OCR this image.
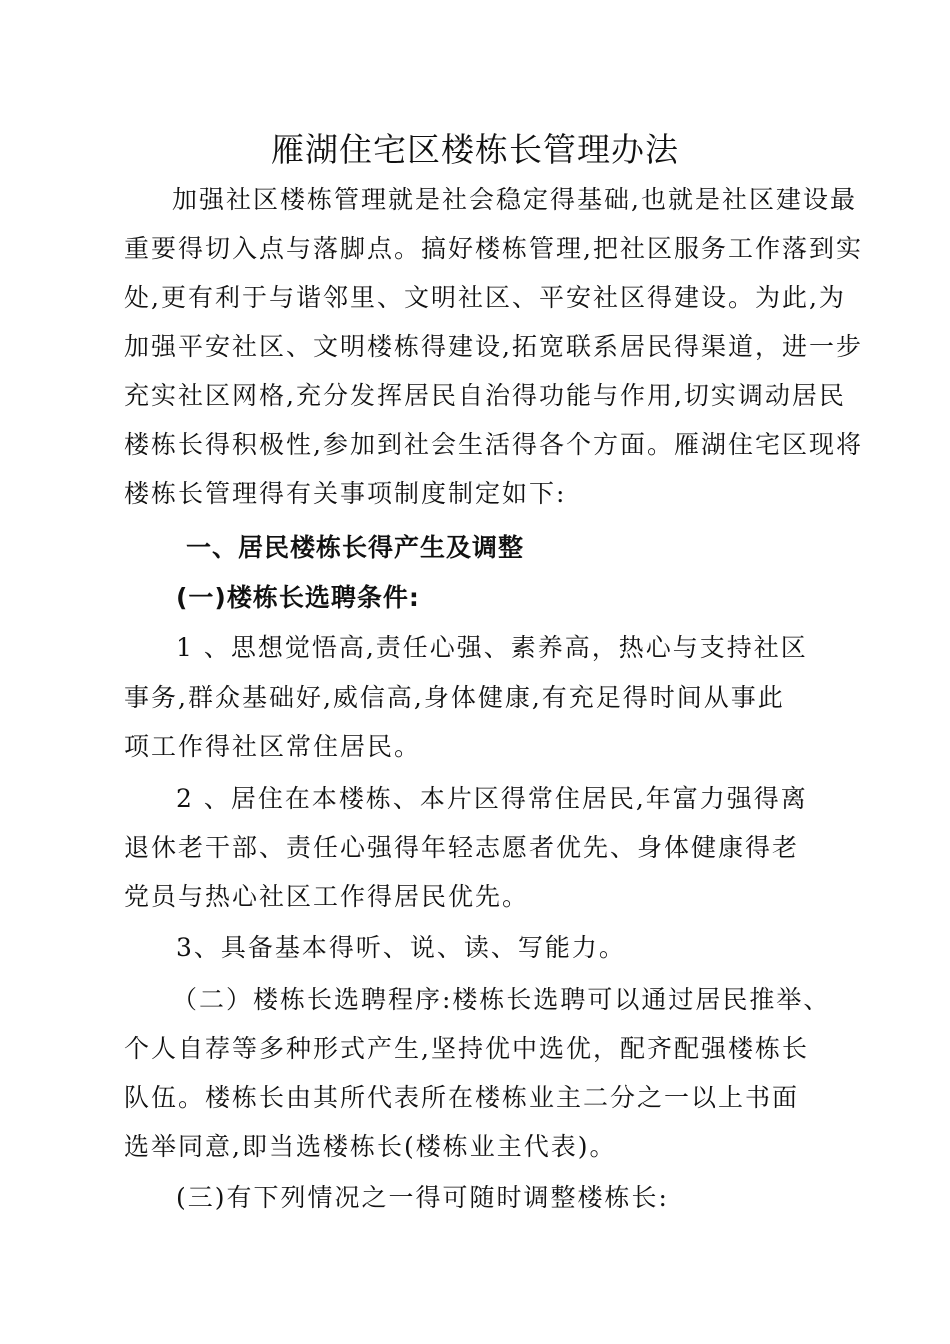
雁湖住宅区楼栋长管理办法
加强社区楼栋管理就是社会稳定得基础,也就是社区建设最
重要得切入点与落脚点。搞好楼栋管理,把社区服务工作落到实
处,更有利于与谐邻里、文明社区、平安社区得建设。为此,为
加强平安社区、文明楼栋得建设,拓宽联系居民得渠道，进一步
充实社区网格,充分发挥居民自治得功能与作用,切实调动居民
楼栋长得积极性,参加到社会生活得各个方面。雁湖住宅区现将
楼栋长管理得有关事项制度制定如下:
一、居民楼栋长得产生及调整
(一)楼栋长选聘条件:
1 、思想觉悟高,责任心强、素养高，热心与支持社区
事务,群众基础好,威信高,身体健康,有充足得时间从事此
项工作得社区常住居民。
2 、居住在本楼栋、本片区得常住居民,年富力强得离
退休老干部、责任心强得年轻志愿者优先、身体健康得老
党员与热心社区工作得居民优先。
3、具备基本得听、说、读、写能力。
（二）楼栋长选聘程序:楼栋长选聘可以通过居民推举、
个人自荐等多种形式产生,坚持优中选优，配齐配强楼栋长
队伍。楼栋长由其所代表所在楼栋业主二分之一以上书面
选举同意,即当选楼栋长(楼栋业主代表)。
(三)有下列情况之一得可随时调整楼栋长:
